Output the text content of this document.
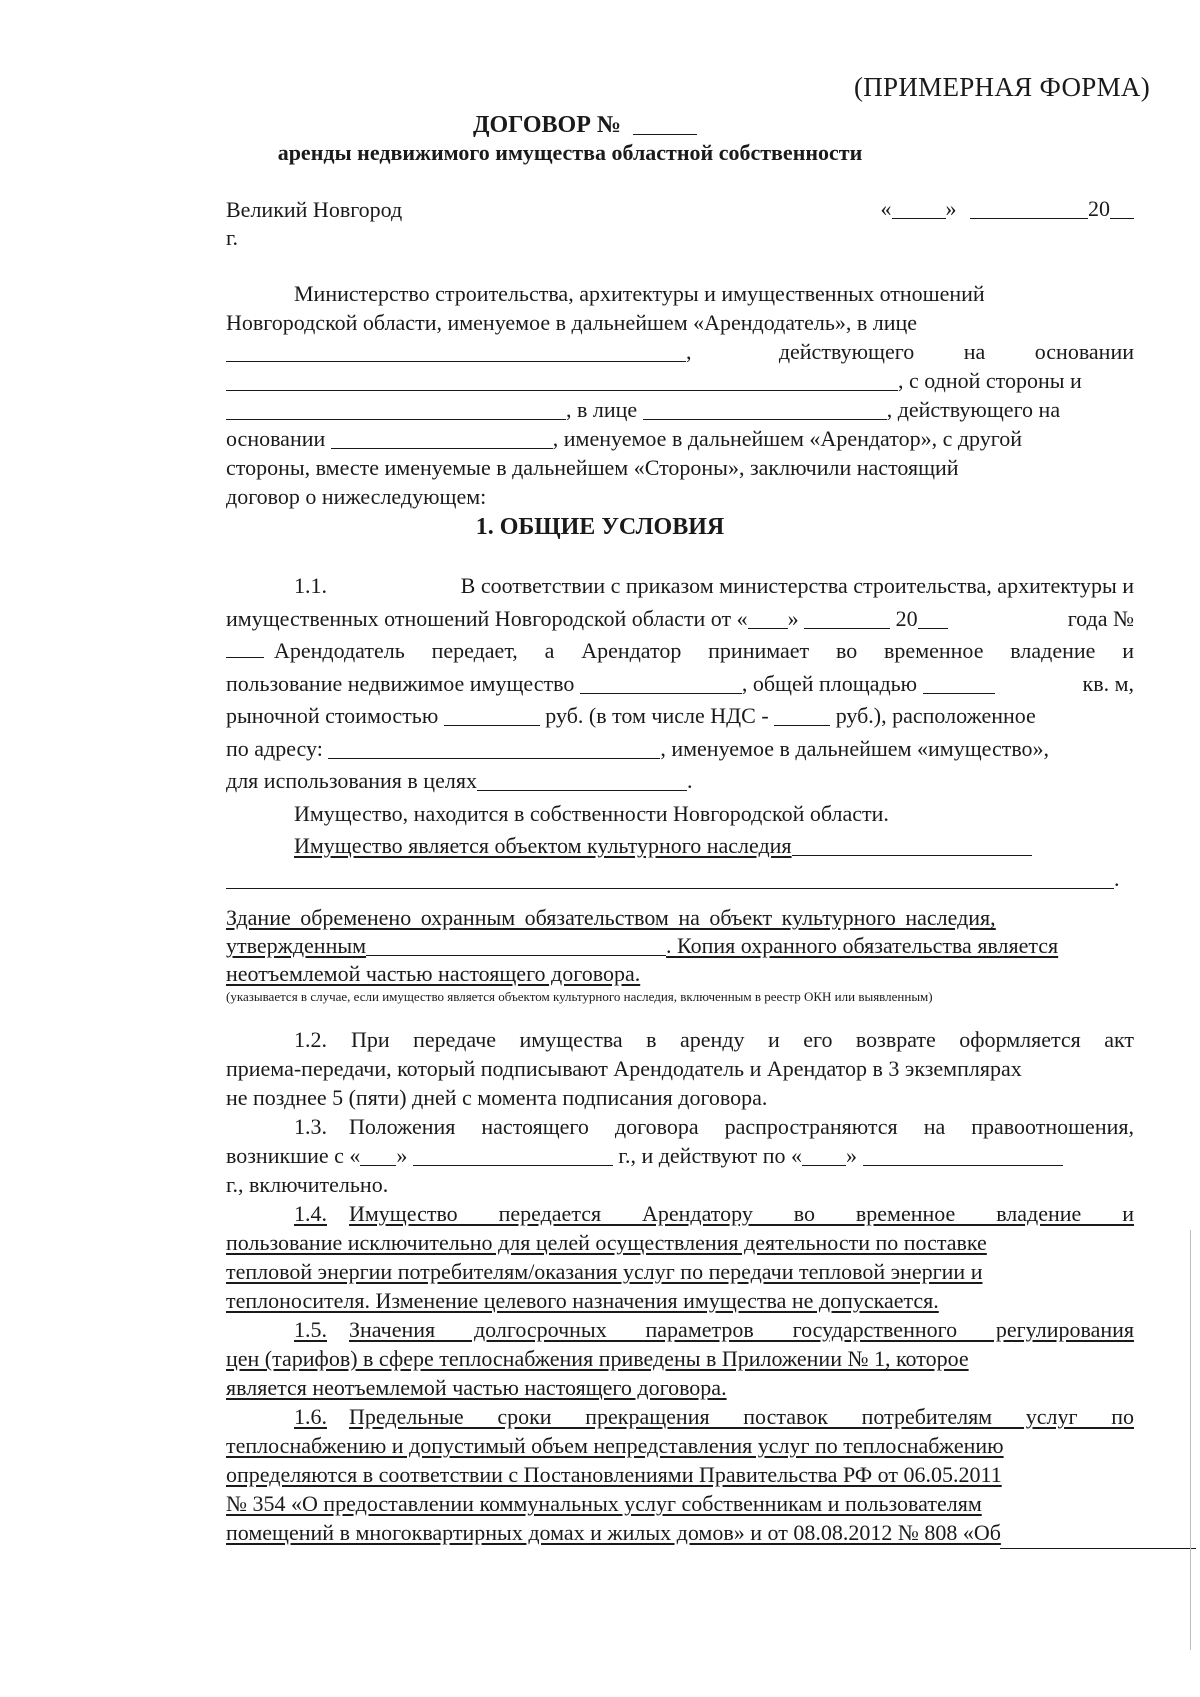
(ПРИМЕРНАЯ ФОРМА)
ДОГОВОР №
аренды недвижимого имущества областной собственности
Великий Новгород
г.
« »	20
Министерство строительства, архитектуры и имущественных отношений
Новгородской области, именуемое в дальнейшем «Арендодатель», в лице
,	действующего на основании
, с одной стороны и
, в лице	, действующего на
основании	, именуемое в дальнейшем «Арендатор», с другой
стороны, вместе именуемые в дальнейшем «Стороны», заключили настоящий
договор о нижеследующем:
1. ОБЩИЕ УСЛОВИЯ
1.1.	В соответствии с приказом министерства строительства, архитектуры и
имущественных отношений Новгородской области от « »	20	года №
Арендодатель передает, а Арендатор принимает во временное владение и
пользование недвижимое имущество	, общей площадью	кв. м,
рыночной стоимостью	руб. (в том числе НДС -	руб.), расположенное
по адресу:	, именуемое в дальнейшем «имущество»,
для использования в целях	.
Имущество, находится в собственности Новгородской области.
Имущество является объектом культурного наследия
.
Здание обременено охранным обязательством на объект культурного наследия,
утвержденным	. Копия охранного обязательства является
неотъемлемой частью настоящего договора.
(указывается в случае, если имущество является объектом культурного наследия, включенным в реестр ОКН или выявленным)
1.2. При передаче имущества в аренду и его возврате оформляется акт
приема-передачи, который подписывают Арендодатель и Арендатор в 3 экземплярах
не позднее 5 (пяти) дней с момента подписания договора.
1.3. Положения настоящего договора распространяются на правоотношения,
возникшие с « »	г., и действуют по « »
г., включительно.
1.4. Имущество передается Арендатору во временное владение и
пользование исключительно для целей осуществления деятельности по поставке
тепловой энергии потребителям/оказания услуг по передачи тепловой энергии и
теплоносителя. Изменение целевого назначения имущества не допускается.
1.5. Значения долгосрочных параметров государственного регулирования
цен (тарифов) в сфере теплоснабжения приведены в Приложении № 1, которое
является неотъемлемой частью настоящего договора.
1.6. Предельные сроки прекращения поставок потребителям услуг по
теплоснабжению и допустимый объем непредставления услуг по теплоснабжению
определяются в соответствии с Постановлениями Правительства РФ от 06.05.2011
№ 354 «О предоставлении коммунальных услуг собственникам и пользователям
помещений в многоквартирных домах и жилых домов» и от 08.08.2012 № 808 «Об
